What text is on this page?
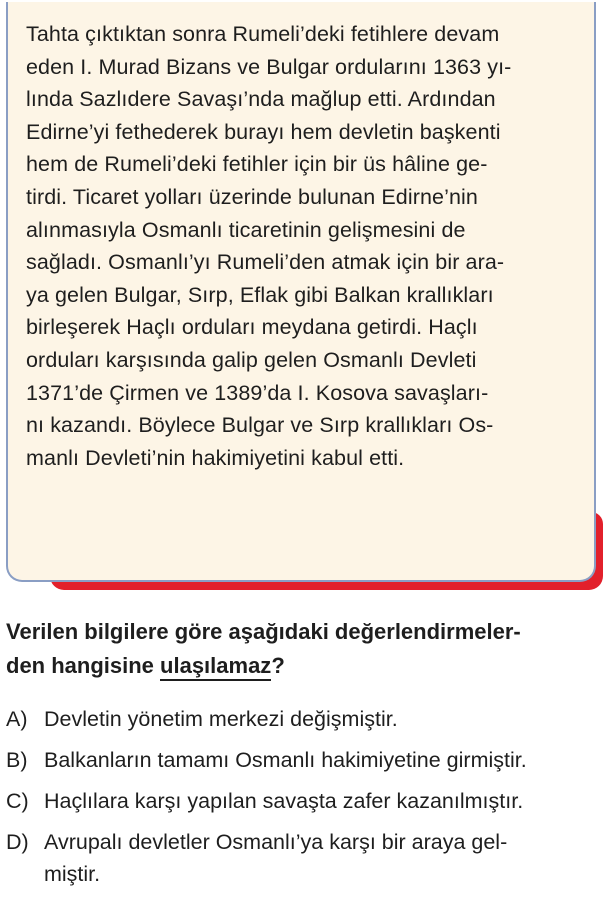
Tahta çıktıktan sonra Rumeli’deki fetihlere devam
eden I. Murad Bizans ve Bulgar ordularını 1363 yı-
lında Sazlıdere Savaşı’nda mağlup etti. Ardından
Edirne’yi fethederek burayı hem devletin başkenti
hem de Rumeli’deki fetihler için bir üs hâline ge-
tirdi. Ticaret yolları üzerinde bulunan Edirne’nin
alınmasıyla Osmanlı ticaretinin gelişmesini de
sağladı. Osmanlı’yı Rumeli’den atmak için bir ara-
ya gelen Bulgar, Sırp, Eflak gibi Balkan krallıkları
birleşerek Haçlı orduları meydana getirdi. Haçlı
orduları karşısında galip gelen Osmanlı Devleti
1371’de Çirmen ve 1389’da I. Kosova savaşları-
nı kazandı. Böylece Bulgar ve Sırp krallıkları Os-
manlı Devleti’nin hakimiyetini kabul etti.

Verilen bilgilere göre aşağıdaki değerlendirmeler-
den hangisine ulaşılamaz?

A) Devletin yönetim merkezi değişmiştir.
B) Balkanların tamamı Osmanlı hakimiyetine girmiştir.
C) Haçlılara karşı yapılan savaşta zafer kazanılmıştır.
D) Avrupalı devletler Osmanlı’ya karşı bir araya gel-
miştir.
